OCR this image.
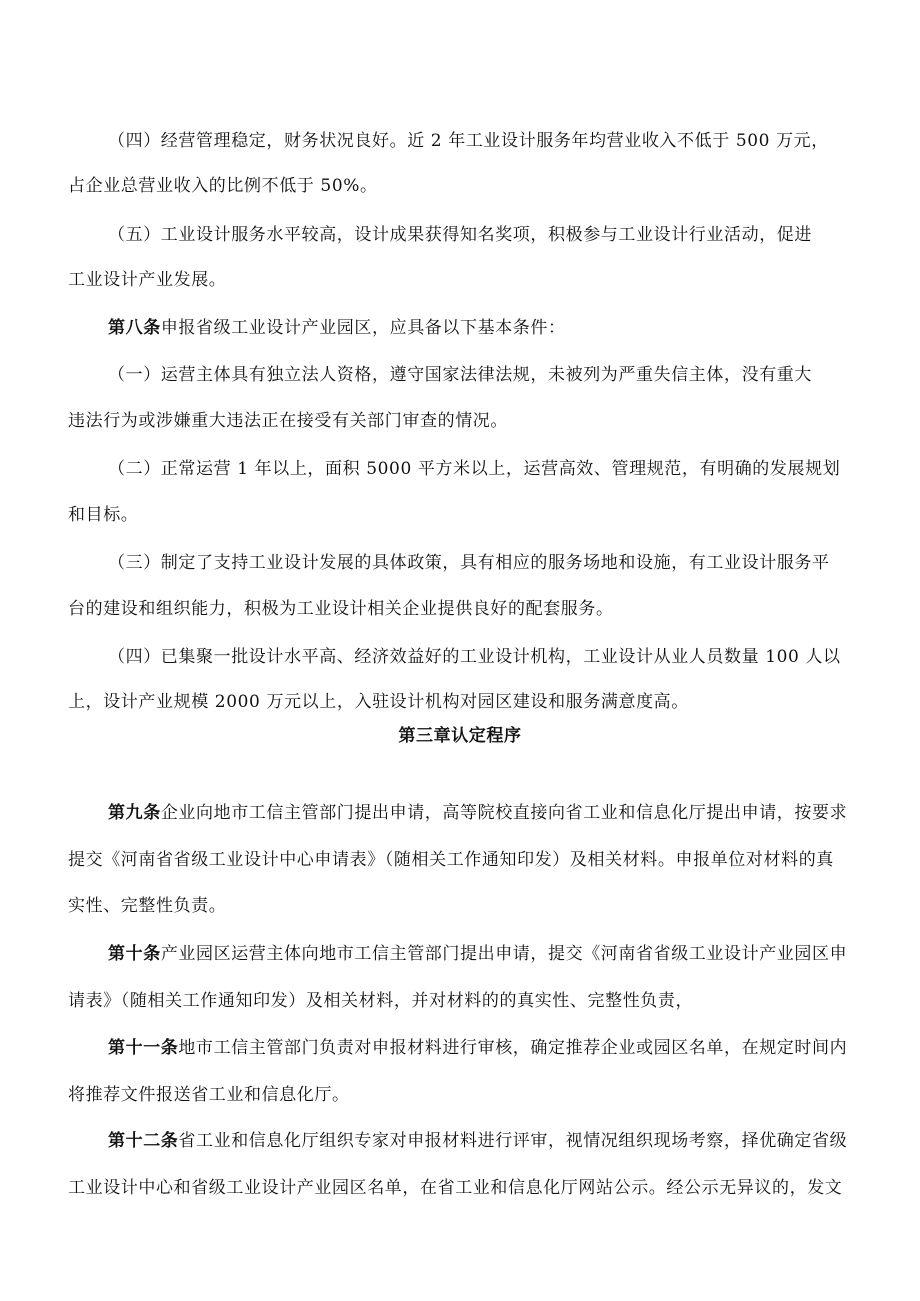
（四）经营管理稳定，财务状况良好。近 2 年工业设计服务年均营业收入不低于 500 万元，
占企业总营业收入的比例不低于 50%。
（五）工业设计服务水平较高，设计成果获得知名奖项，积极参与工业设计行业活动，促进
工业设计产业发展。
第八条申报省级工业设计产业园区，应具备以下基本条件：
（一）运营主体具有独立法人资格，遵守国家法律法规，未被列为严重失信主体，没有重大
违法行为或涉嫌重大违法正在接受有关部门审查的情况。
（二）正常运营 1 年以上，面积 5000 平方米以上，运营高效、管理规范，有明确的发展规划
和目标。
（三）制定了支持工业设计发展的具体政策，具有相应的服务场地和设施，有工业设计服务平
台的建设和组织能力，积极为工业设计相关企业提供良好的配套服务。
（四）已集聚一批设计水平高、经济效益好的工业设计机构，工业设计从业人员数量 100 人以
上，设计产业规模 2000 万元以上，入驻设计机构对园区建设和服务满意度高。
第三章认定程序
第九条企业向地市工信主管部门提出申请，高等院校直接向省工业和信息化厅提出申请，按要求
提交《河南省省级工业设计中心申请表》（随相关工作通知印发）及相关材料。申报单位对材料的真
实性、完整性负责。
第十条产业园区运营主体向地市工信主管部门提出申请，提交《河南省省级工业设计产业园区申
请表》（随相关工作通知印发）及相关材料，并对材料的的真实性、完整性负责，
第十一条地市工信主管部门负责对申报材料进行审核，确定推荐企业或园区名单，在规定时间内
将推荐文件报送省工业和信息化厅。
第十二条省工业和信息化厅组织专家对申报材料进行评审，视情况组织现场考察，择优确定省级
工业设计中心和省级工业设计产业园区名单，在省工业和信息化厅网站公示。经公示无异议的，发文
